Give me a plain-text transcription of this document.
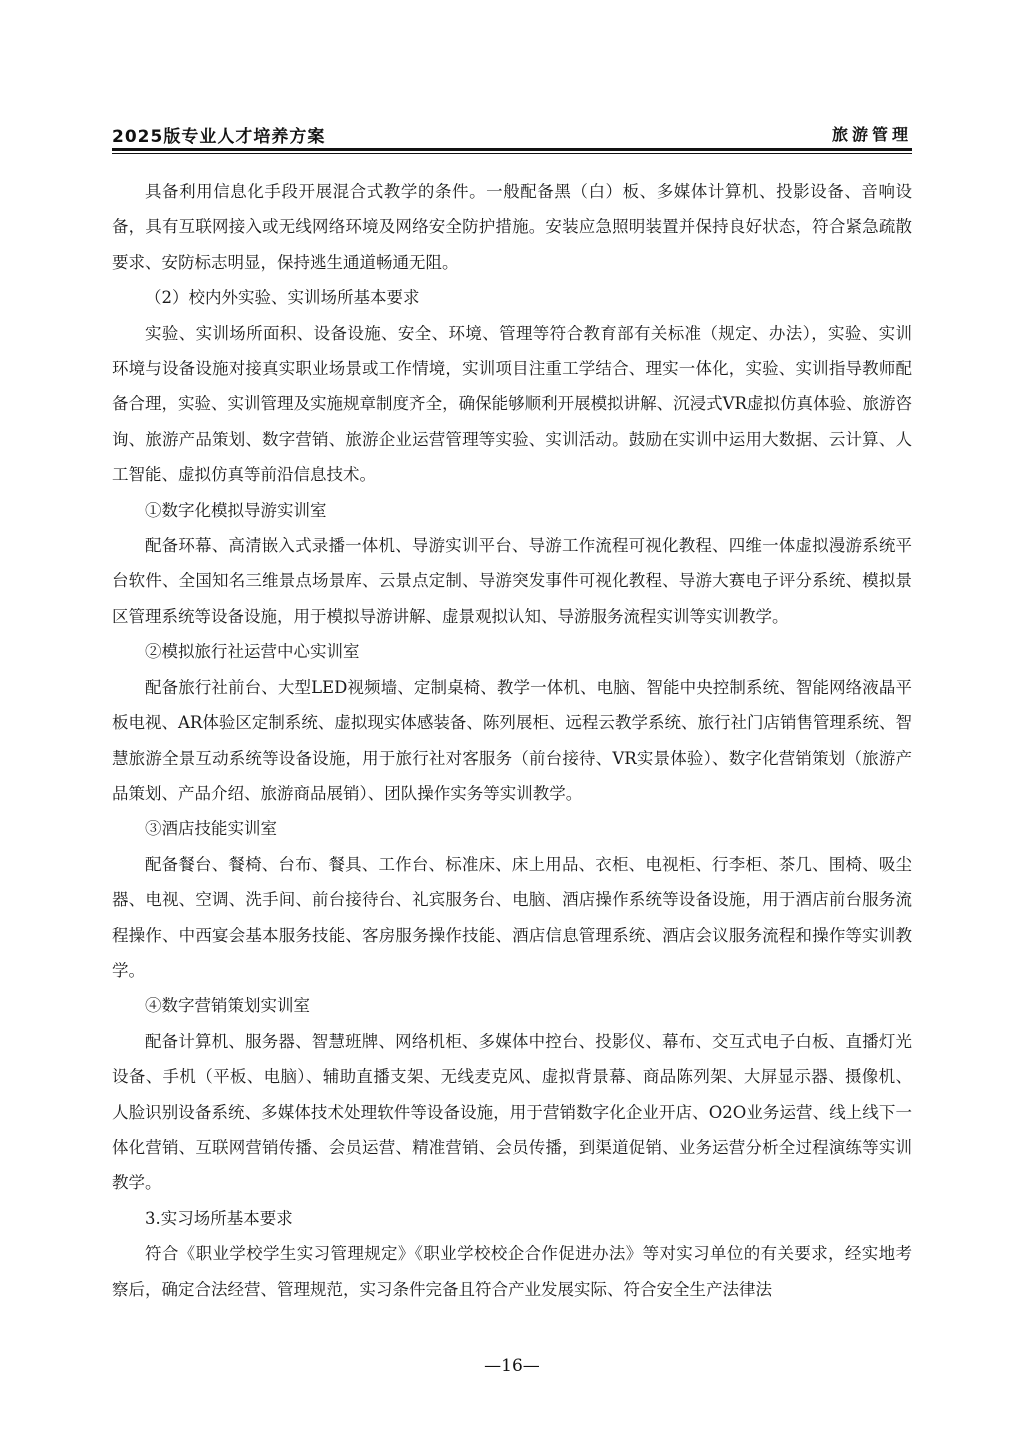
2025版专业人才培养方案	旅游管理

具备利用信息化手段开展混合式教学的条件。一般配备黑（白）板、多媒体计算机、投影设备、音响设备，具有互联网接入或无线网络环境及网络安全防护措施。安装应急照明装置并保持良好状态，符合紧急疏散要求、安防标志明显，保持逃生通道畅通无阻。

（2）校内外实验、实训场所基本要求

实验、实训场所面积、设备设施、安全、环境、管理等符合教育部有关标准（规定、办法），实验、实训环境与设备设施对接真实职业场景或工作情境，实训项目注重工学结合、理实一体化，实验、实训指导教师配备合理，实验、实训管理及实施规章制度齐全，确保能够顺利开展模拟讲解、沉浸式VR虚拟仿真体验、旅游咨询、旅游产品策划、数字营销、旅游企业运营管理等实验、实训活动。鼓励在实训中运用大数据、云计算、人工智能、虚拟仿真等前沿信息技术。

①数字化模拟导游实训室

配备环幕、高清嵌入式录播一体机、导游实训平台、导游工作流程可视化教程、四维一体虚拟漫游系统平台软件、全国知名三维景点场景库、云景点定制、导游突发事件可视化教程、导游大赛电子评分系统、模拟景区管理系统等设备设施，用于模拟导游讲解、虚景观拟认知、导游服务流程实训等实训教学。

②模拟旅行社运营中心实训室

配备旅行社前台、大型LED视频墙、定制桌椅、教学一体机、电脑、智能中央控制系统、智能网络液晶平板电视、AR体验区定制系统、虚拟现实体感装备、陈列展柜、远程云教学系统、旅行社门店销售管理系统、智慧旅游全景互动系统等设备设施，用于旅行社对客服务（前台接待、VR实景体验）、数字化营销策划（旅游产品策划、产品介绍、旅游商品展销）、团队操作实务等实训教学。

③酒店技能实训室

配备餐台、餐椅、台布、餐具、工作台、标准床、床上用品、衣柜、电视柜、行李柜、茶几、围椅、吸尘器、电视、空调、洗手间、前台接待台、礼宾服务台、电脑、酒店操作系统等设备设施，用于酒店前台服务流程操作、中西宴会基本服务技能、客房服务操作技能、酒店信息管理系统、酒店会议服务流程和操作等实训教学。

④数字营销策划实训室

配备计算机、服务器、智慧班牌、网络机柜、多媒体中控台、投影仪、幕布、交互式电子白板、直播灯光设备、手机（平板、电脑）、辅助直播支架、无线麦克风、虚拟背景幕、商品陈列架、大屏显示器、摄像机、人脸识别设备系统、多媒体技术处理软件等设备设施，用于营销数字化企业开店、O2O业务运营、线上线下一体化营销、互联网营销传播、会员运营、精准营销、会员传播，到渠道促销、业务运营分析全过程演练等实训教学。

3.实习场所基本要求

符合《职业学校学生实习管理规定》《职业学校校企合作促进办法》等对实习单位的有关要求，经实地考察后，确定合法经营、管理规范，实习条件完备且符合产业发展实际、符合安全生产法律法

—16—
